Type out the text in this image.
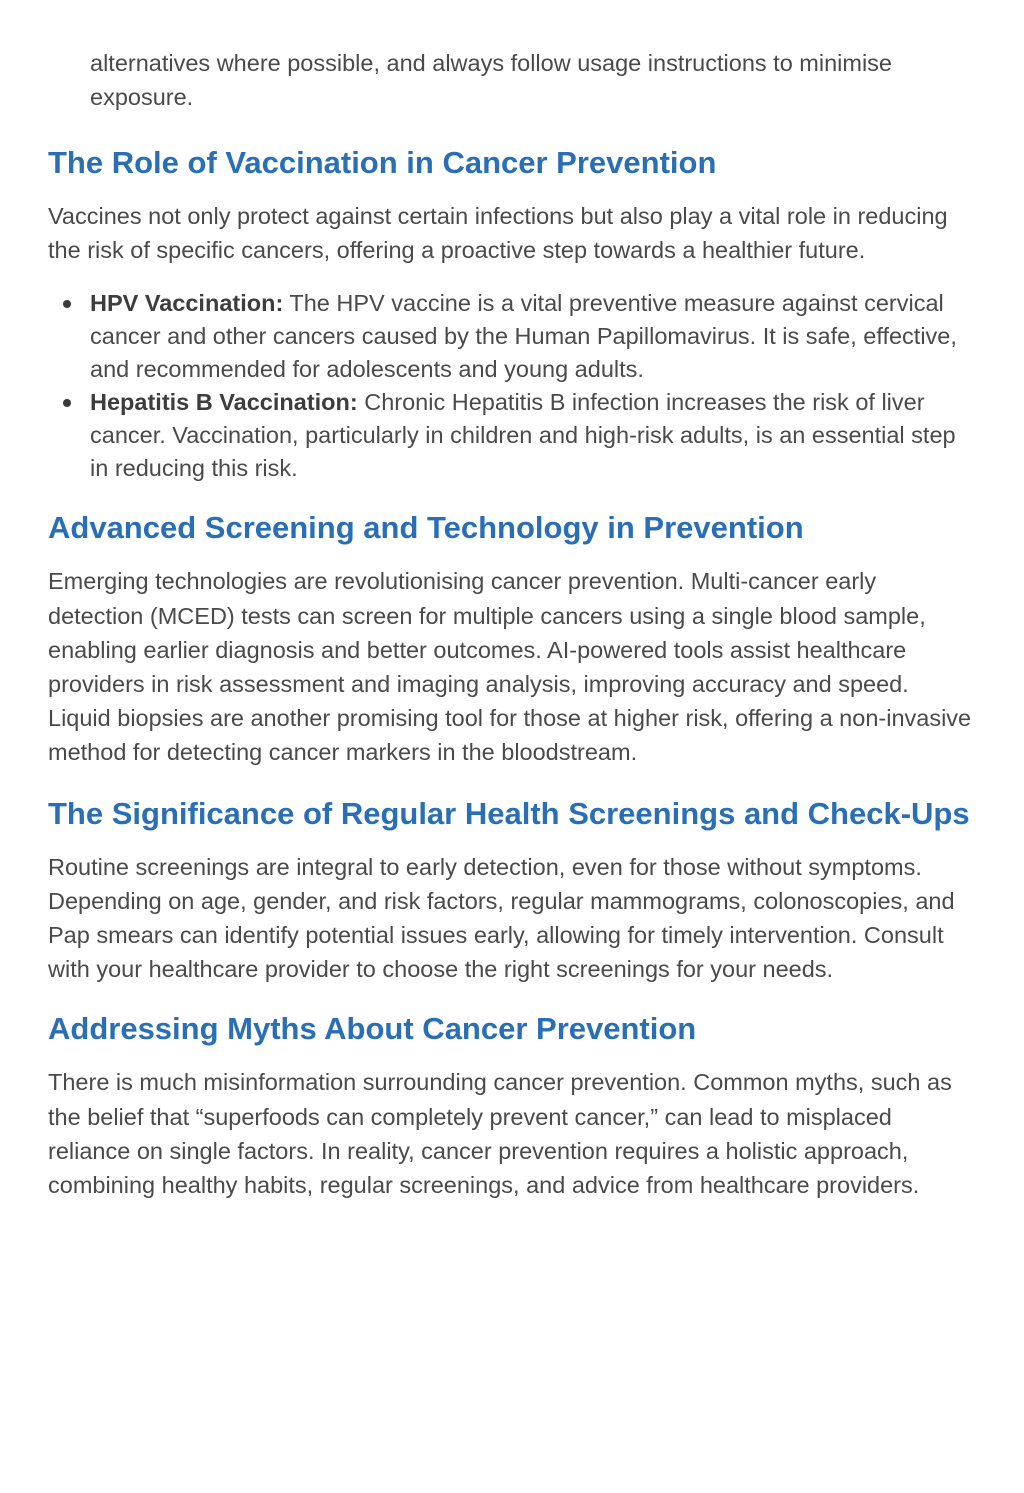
alternatives where possible, and always follow usage instructions to minimise exposure.
The Role of Vaccination in Cancer Prevention

Vaccines not only protect against certain infections but also play a vital role in reducing the risk of specific cancers, offering a proactive step towards a healthier future.

HPV Vaccination: The HPV vaccine is a vital preventive measure against cervical cancer and other cancers caused by the Human Papillomavirus. It is safe, effective, and recommended for adolescents and young adults.
Hepatitis B Vaccination: Chronic Hepatitis B infection increases the risk of liver cancer. Vaccination, particularly in children and high-risk adults, is an essential step in reducing this risk.
Advanced Screening and Technology in Prevention

Emerging technologies are revolutionising cancer prevention. Multi-cancer early detection (MCED) tests can screen for multiple cancers using a single blood sample, enabling earlier diagnosis and better outcomes. AI-powered tools assist healthcare providers in risk assessment and imaging analysis, improving accuracy and speed. Liquid biopsies are another promising tool for those at higher risk, offering a non-invasive method for detecting cancer markers in the bloodstream.

The Significance of Regular Health Screenings and Check-Ups

Routine screenings are integral to early detection, even for those without symptoms. Depending on age, gender, and risk factors, regular mammograms, colonoscopies, and Pap smears can identify potential issues early, allowing for timely intervention. Consult with your healthcare provider to choose the right screenings for your needs.

Addressing Myths About Cancer Prevention

There is much misinformation surrounding cancer prevention. Common myths, such as the belief that “superfoods can completely prevent cancer,” can lead to misplaced reliance on single factors. In reality, cancer prevention requires a holistic approach, combining healthy habits, regular screenings, and advice from healthcare providers.
